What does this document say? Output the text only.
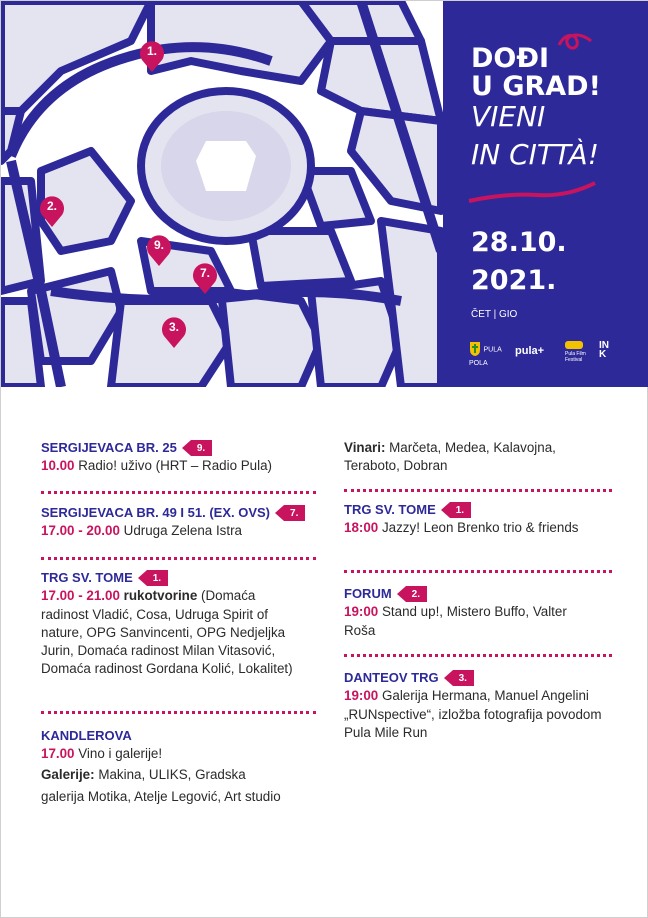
1.
2.
9.
7.
3.
DOĐI
U GRAD!
VIENI
IN CITTÀ!
28.10.
2021.
ČET | GIO
PULA POLA
pula+	Pula Film Festival
INK
SERGIJEVACA BR. 25 9.
10.00 Radio! uživo (HRT – Radio Pula)
SERGIJEVACA BR. 49 I 51. (EX. OVS) 7.
17.00 - 20.00 Udruga Zelena Istra
TRG SV. TOME 1.
17.00 - 21.00 rukotvorine (Domaća radinost Vladić, Cosa, Udruga Spirit of nature, OPG Sanvincenti, OPG Nedjeljka Jurin, Domaća radinost Milan Vitasović, Domaća radinost Gordana Kolić, Lokalitet)
KANDLEROVA
17.00 Vino i galerije!
Galerije: Makina, ULIKS, Gradska galerija Motika, Atelje Legović, Art studio
Vinari: Marčeta, Medea, Kalavojna, Teraboto, Dobran
TRG SV. TOME 1.
18:00 Jazzy! Leon Brenko trio & friends
FORUM 2.
19:00 Stand up!, Mistero Buffo, Valter Roša
DANTEOV TRG 3.
19:00 Galerija Hermana, Manuel Angelini „RUNspective“, izložba fotografija povodom Pula Mile Run
